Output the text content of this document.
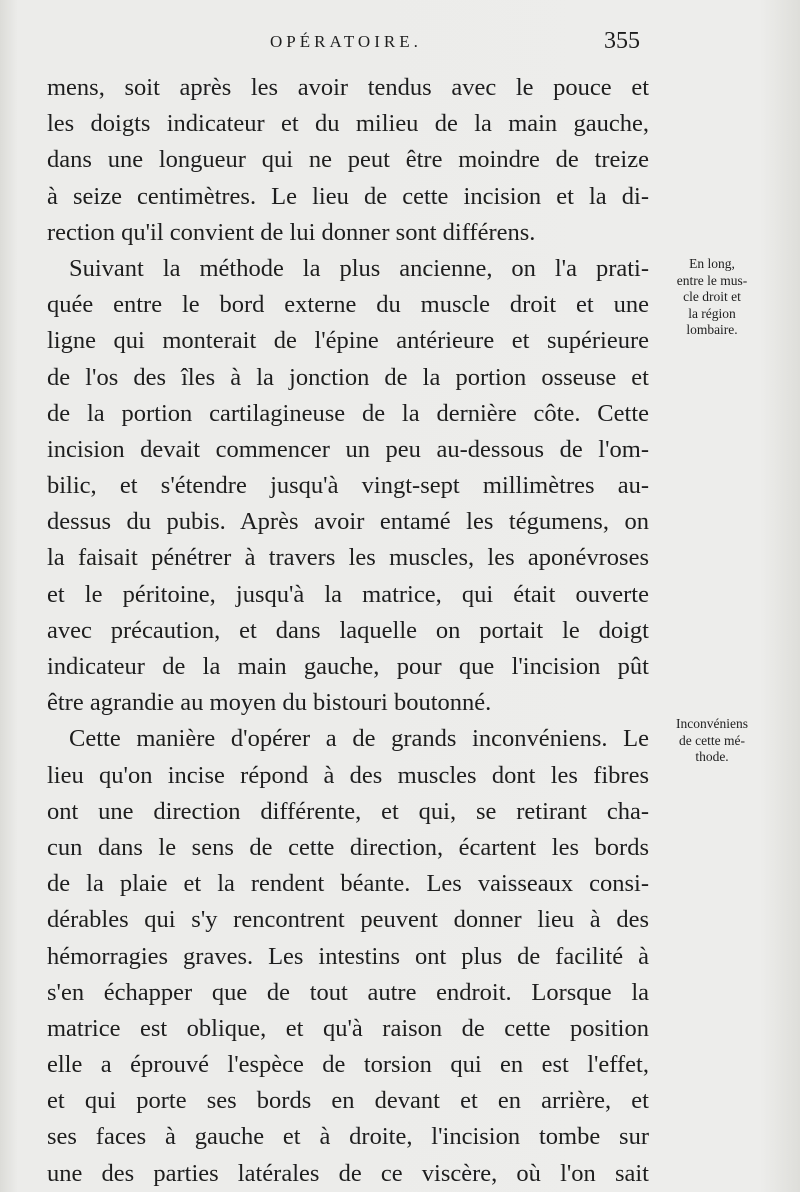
OPÉRATOIRE.	355
mens, soit après les avoir tendus avec le pouce et
les doigts indicateur et du milieu de la main gauche,
dans une longueur qui ne peut être moindre de treize
à seize centimètres. Le lieu de cette incision et la di-
rection qu'il convient de lui donner sont différens.
Suivant la méthode la plus ancienne, on l'a prati-
quée entre le bord externe du muscle droit et une
ligne qui monterait de l'épine antérieure et supérieure
de l'os des îles à la jonction de la portion osseuse et
de la portion cartilagineuse de la dernière côte. Cette
incision devait commencer un peu au-dessous de l'om-
bilic, et s'étendre jusqu'à vingt-sept millimètres au-
dessus du pubis. Après avoir entamé les tégumens, on
la faisait pénétrer à travers les muscles, les aponévroses
et le péritoine, jusqu'à la matrice, qui était ouverte
avec précaution, et dans laquelle on portait le doigt
indicateur de la main gauche, pour que l'incision pût
être agrandie au moyen du bistouri boutonné.
Cette manière d'opérer a de grands inconvéniens. Le
lieu qu'on incise répond à des muscles dont les fibres
ont une direction différente, et qui, se retirant cha-
cun dans le sens de cette direction, écartent les bords
de la plaie et la rendent béante. Les vaisseaux consi-
dérables qui s'y rencontrent peuvent donner lieu à des
hémorragies graves. Les intestins ont plus de facilité à
s'en échapper que de tout autre endroit. Lorsque la
matrice est oblique, et qu'à raison de cette position
elle a éprouvé l'espèce de torsion qui en est l'effet,
et qui porte ses bords en devant et en arrière, et
ses faces à gauche et à droite, l'incision tombe sur
une des parties latérales de ce viscère, où l'on sait
En long,
entre le mus-
cle droit et
la région
lombaire.
Inconvéniens
de cette mé-
thode.
